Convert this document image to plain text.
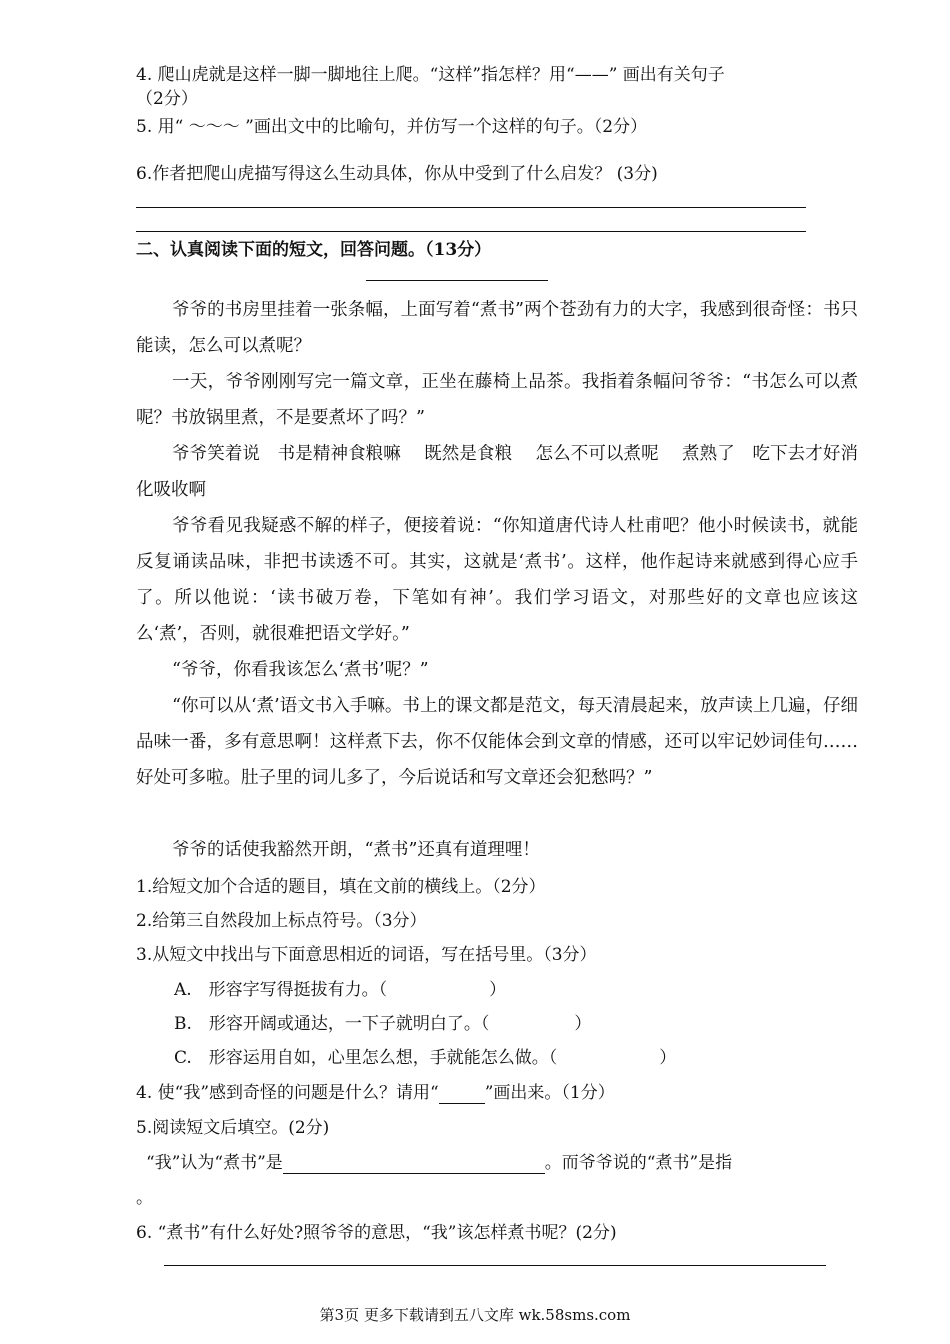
4. 爬山虎就是这样一脚一脚地往上爬。“这样”指怎样？用“——” 画出有关句子
（2分）
5. 用“ ～～～ ”画出文中的比喻句，并仿写一个这样的句子。（2分）
6.作者把爬山虎描写得这么生动具体，你从中受到了什么启发？ (3分)
二、认真阅读下面的短文，回答问题。（13分）
爷爷的书房里挂着一张条幅，上面写着“煮书”两个苍劲有力的大字，我感到很奇怪：书只能读，怎么可以煮呢？
一天，爷爷刚刚写完一篇文章，正坐在藤椅上品茶。我指着条幅问爷爷：“书怎么可以煮呢？书放锅里煮，不是要煮坏了吗？”
爷爷笑着说　书是精神食粮嘛　 既然是食粮　 怎么不可以煮呢　 煮熟了　吃下去才好消化吸收啊
爷爷看见我疑惑不解的样子，便接着说：“你知道唐代诗人杜甫吧？他小时候读书，就能反复诵读品味，非把书读透不可。其实，这就是‘煮书’。这样，他作起诗来就感到得心应手了。所以他说：‘读书破万卷，下笔如有神’。我们学习语文，对那些好的文章也应该这么‘煮’，否则，就很难把语文学好。”
“爷爷，你看我该怎么‘煮书’呢？”
“你可以从‘煮’语文书入手嘛。书上的课文都是范文，每天清晨起来，放声读上几遍，仔细品味一番，多有意思啊！这样煮下去，你不仅能体会到文章的情感，还可以牢记妙词佳句……好处可多啦。肚子里的词儿多了，今后说话和写文章还会犯愁吗？”
爷爷的话使我豁然开朗，“煮书”还真有道理哩！
1.给短文加个合适的题目，填在文前的横线上。（2分）
2.给第三自然段加上标点符号。（3分）
3.从短文中找出与下面意思相近的词语，写在括号里。（3分）
A.　形容字写得挺拔有力。（　　　　　　）
B.　形容开阔或通达，一下子就明白了。（　　　　　）
C.　形容运用自如，心里怎么想，手就能怎么做。（　　　　　　）
4. 使“我”感到奇怪的问题是什么？请用“	”画出来。（1分）
5.阅读短文后填空。(2分)
“我”认为“煮书”是	。而爷爷说的“煮书”是指
。
6. “煮书”有什么好处?照爷爷的意思，“我”该怎样煮书呢？(2分)
第3页 更多下载请到五八文库 wk.58sms.com
